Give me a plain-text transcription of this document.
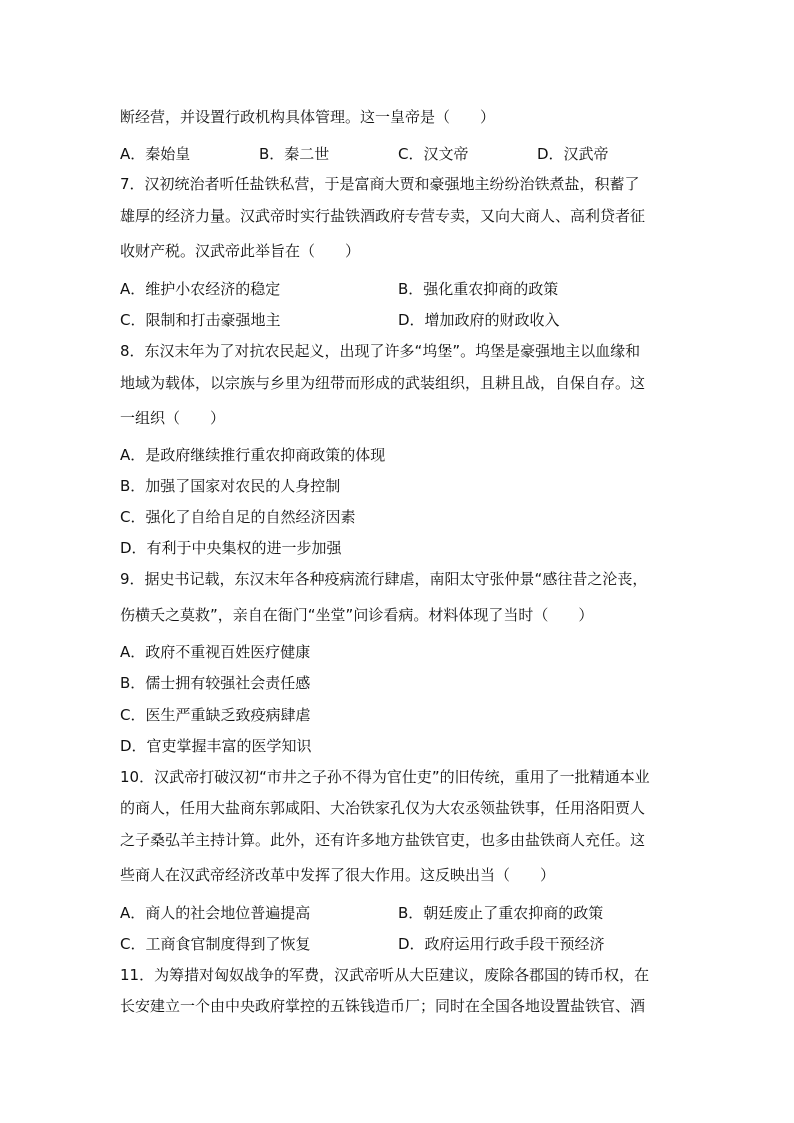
断经营，并设置行政机构具体管理。这一皇帝是（　　）
A．秦始皇	B．秦二世	C．汉文帝	D．汉武帝
7．汉初统治者听任盐铁私营，于是富商大贾和豪强地主纷纷治铁煮盐，积蓄了
雄厚的经济力量。汉武帝时实行盐铁酒政府专营专卖，又向大商人、高利贷者征
收财产税。汉武帝此举旨在（　　）
A．维护小农经济的稳定	B．强化重农抑商的政策
C．限制和打击豪强地主	D．增加政府的财政收入
8．东汉末年为了对抗农民起义，出现了许多“坞堡”。坞堡是豪强地主以血缘和
地域为载体，以宗族与乡里为纽带而形成的武装组织，且耕且战，自保自存。这
一组织（　　）
A．是政府继续推行重农抑商政策的体现
B．加强了国家对农民的人身控制
C．强化了自给自足的自然经济因素
D．有利于中央集权的进一步加强
9．据史书记载，东汉末年各种疫病流行肆虐，南阳太守张仲景“感往昔之沦丧，
伤横夭之莫救”，亲自在衙门“坐堂”问诊看病。材料体现了当时（　　）
A．政府不重视百姓医疗健康
B．儒士拥有较强社会责任感
C．医生严重缺乏致疫病肆虐
D．官吏掌握丰富的医学知识
10．汉武帝打破汉初“市井之子孙不得为官仕吏”的旧传统，重用了一批精通本业
的商人，任用大盐商东郭咸阳、大冶铁家孔仅为大农丞领盐铁事，任用洛阳贾人
之子桑弘羊主持计算。此外，还有许多地方盐铁官吏，也多由盐铁商人充任。这
些商人在汉武帝经济改革中发挥了很大作用。这反映出当（　　）
A．商人的社会地位普遍提高	B．朝廷废止了重农抑商的政策
C．工商食官制度得到了恢复	D．政府运用行政手段干预经济
11．为筹措对匈奴战争的军费，汉武帝听从大臣建议，废除各郡国的铸币权，在
长安建立一个由中央政府掌控的五铢钱造币厂；同时在全国各地设置盐铁官、酒
